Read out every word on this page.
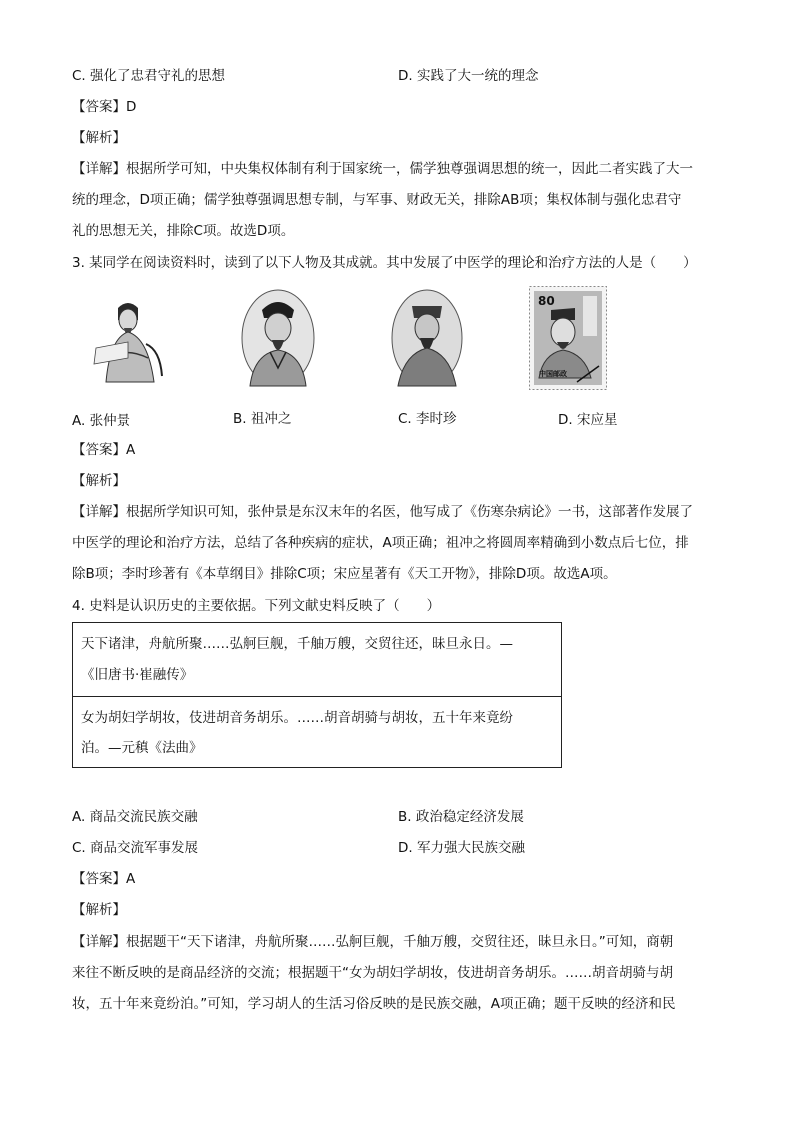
C. 强化了忠君守礼的思想	D. 实践了大一统的理念
【答案】D
【解析】
【详解】根据所学可知，中央集权体制有利于国家统一，儒学独尊强调思想的统一，因此二者实践了大一
统的理念，D项正确；儒学独尊强调思想专制，与军事、财政无关，排除AB项；集权体制与强化忠君守
礼的思想无关，排除C项。故选D项。
3. 某同学在阅读资料时，读到了以下人物及其成就。其中发展了中医学的理论和治疗方法的人是（　　）
80
中国邮政
A. 张仲景	B. 祖冲之	C. 李时珍	D. 宋应星
【答案】A
【解析】
【详解】根据所学知识可知，张仲景是东汉末年的名医，他写成了《伤寒杂病论》一书，这部著作发展了
中医学的理论和治疗方法，总结了各种疾病的症状，A项正确；祖冲之将圆周率精确到小数点后七位，排
除B项；李时珍著有《本草纲目》排除C项；宋应星著有《天工开物》，排除D项。故选A项。
4. 史料是认识历史的主要依据。下列文献史料反映了（　　）
天下诸津，舟航所聚……弘舸巨舰，千舳万艘，交贸往还，昧旦永日。—
《旧唐书·崔融传》
女为胡妇学胡妆，伎进胡音务胡乐。……胡音胡骑与胡妆，五十年来竟纷
泊。—元稹《法曲》
A. 商品交流民族交融	B. 政治稳定经济发展
C. 商品交流军事发展	D. 军力强大民族交融
【答案】A
【解析】
【详解】根据题干“天下诸津，舟航所聚……弘舸巨舰，千舳万艘，交贸往还，昧旦永日。”可知，商朝
来往不断反映的是商品经济的交流；根据题干“女为胡妇学胡妆，伎进胡音务胡乐。……胡音胡骑与胡
妆，五十年来竟纷泊。”可知，学习胡人的生活习俗反映的是民族交融，A项正确；题干反映的经济和民
